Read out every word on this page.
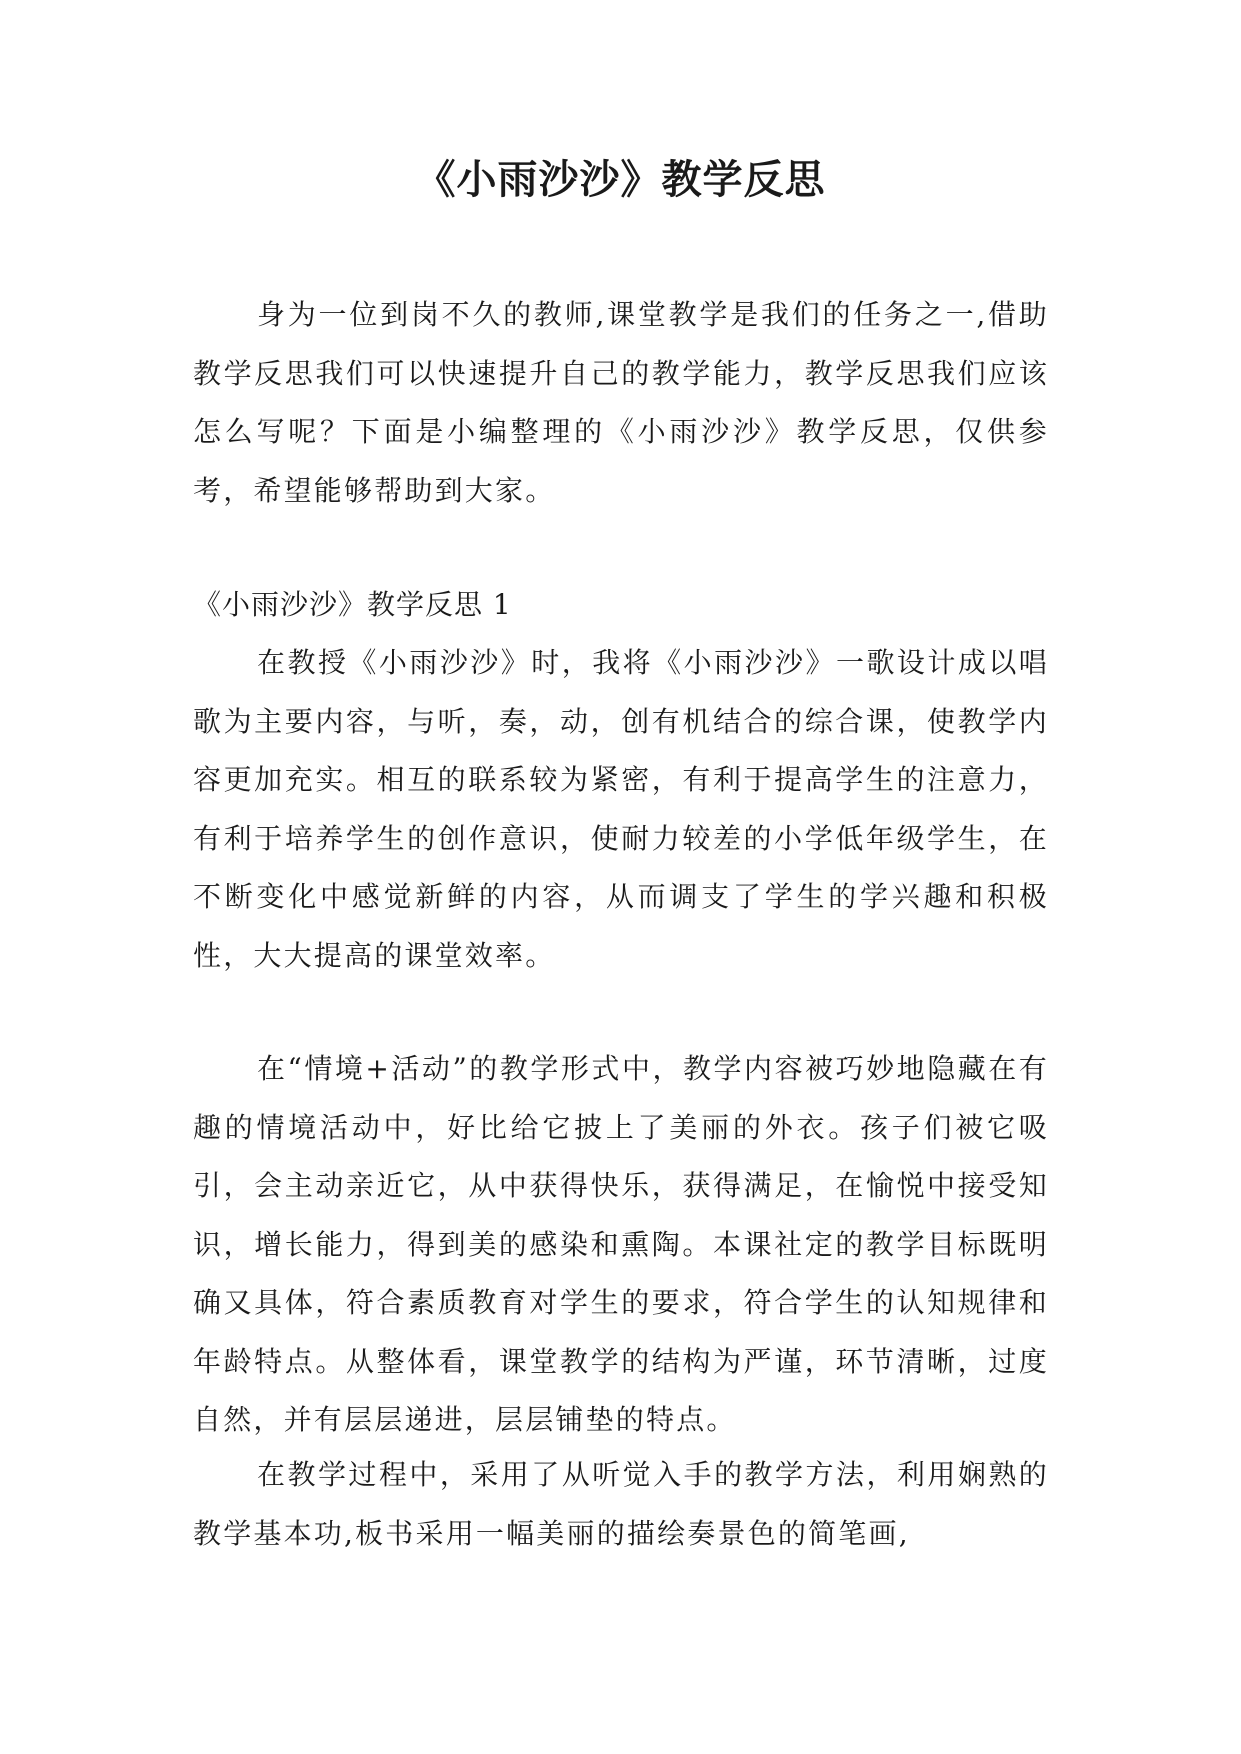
《小雨沙沙》教学反思

身为一位到岗不久的教师,课堂教学是我们的任务之一,借助教学反思我们可以快速提升自己的教学能力，教学反思我们应该怎么写呢？下面是小编整理的《小雨沙沙》教学反思，仅供参考，希望能够帮助到大家。

《小雨沙沙》教学反思 1

在教授《小雨沙沙》时，我将《小雨沙沙》一歌设计成以唱歌为主要内容，与听，奏，动，创有机结合的综合课，使教学内容更加充实。相互的联系较为紧密，有利于提高学生的注意力，有利于培养学生的创作意识，使耐力较差的小学低年级学生，在不断变化中感觉新鲜的内容，从而调支了学生的学兴趣和积极性，大大提高的课堂效率。

在“情境+活动”的教学形式中，教学内容被巧妙地隐藏在有趣的情境活动中，好比给它披上了美丽的外衣。孩子们被它吸引，会主动亲近它，从中获得快乐，获得满足，在愉悦中接受知识，增长能力，得到美的感染和熏陶。本课社定的教学目标既明确又具体，符合素质教育对学生的要求，符合学生的认知规律和年龄特点。从整体看，课堂教学的结构为严谨，环节清晰，过度自然，并有层层递进，层层铺垫的特点。

在教学过程中，采用了从听觉入手的教学方法，利用娴熟的教学基本功,板书采用一幅美丽的描绘奏景色的简笔画,
